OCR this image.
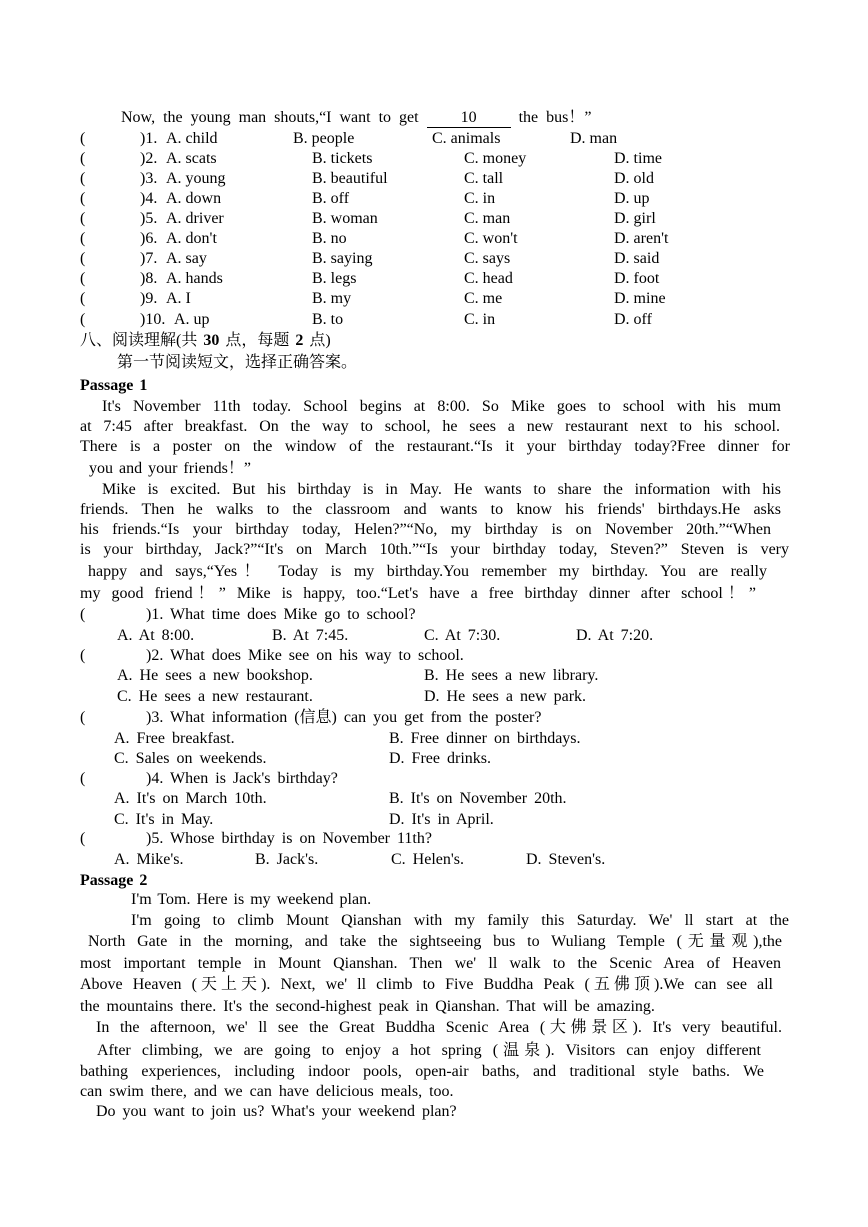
Now, the young man shouts,“I want to get	10	the bus！”
(	)1. A. child	B. people	C. animals	D. man
(	)2. A. scats	B. tickets	C. money	D. time
(	)3. A. young	B. beautiful	C. tall	D. old
(	)4. A. down	B. off	C. in	D. up
(	)5. A. driver	B. woman	C. man	D. girl
(	)6. A. don't	B. no	C. won't	D. aren't
(	)7. A. say	B. saying	C. says	D. said
(	)8. A. hands	B. legs	C. head	D. foot
(	)9. A. I	B. my	C. me	D. mine
(	)10. A. up	B. to	C. in	D. off
八、阅读理解(共 30 点，每题 2 点)
第一节阅读短文，选择正确答案。
Passage 1
It's November 11th today. School begins at 8:00. So Mike goes to school with his mum
at 7:45 after breakfast. On the way to school, he sees a new restaurant next to his school.
There is a poster on the window of the restaurant.“Is it your birthday today?Free dinner for
you and your friends！”
Mike is excited. But his birthday is in May. He wants to share the information with his
friends. Then he walks to the classroom and wants to know his friends' birthdays.He asks
his friends.“Is your birthday today, Helen?”“No, my birthday is on November 20th.”“When
is your birthday, Jack?”“It's on March 10th.”“Is your birthday today, Steven?” Steven is very
happy and says,“Yes！ Today is my birthday.You remember my birthday. You are really
my good friend！” Mike is happy, too.“Let's have a free birthday dinner after school！”
(	)1. What time does Mike go to school?
A. At 8:00.	B. At 7:45.	C. At 7:30.	D. At 7:20.
(	)2. What does Mike see on his way to school.
A. He sees a new bookshop.	B. He sees a new library.
C. He sees a new restaurant.	D. He sees a new park.
(	)3. What information (信息) can you get from the poster?
A. Free breakfast.	B. Free dinner on birthdays.
C. Sales on weekends.	D. Free drinks.
(	)4. When is Jack's birthday?
A. It's on March 10th.	B. It's on November 20th.
C. It's in May.	D. It's in April.
(	)5. Whose birthday is on November 11th?
A. Mike's.	B. Jack's.	C. Helen's.	D. Steven's.
Passage 2
I'm Tom. Here is my weekend plan.
I'm going to climb Mount Qianshan with my family this Saturday. We' ll start at the
North Gate in the morning, and take the sightseeing bus to Wuliang Temple (无量观),the
most important temple in Mount Qianshan. Then we' ll walk to the Scenic Area of Heaven
Above Heaven (天上天). Next, we' ll climb to Five Buddha Peak (五佛顶).We can see all
the mountains there. It's the second-highest peak in Qianshan. That will be amazing.
In the afternoon, we' ll see the Great Buddha Scenic Area (大佛景区). It's very beautiful.
After climbing, we are going to enjoy a hot spring (温泉). Visitors can enjoy different
bathing experiences, including indoor pools, open-air baths, and traditional style baths. We
can swim there, and we can have delicious meals, too.
Do you want to join us? What's your weekend plan?
